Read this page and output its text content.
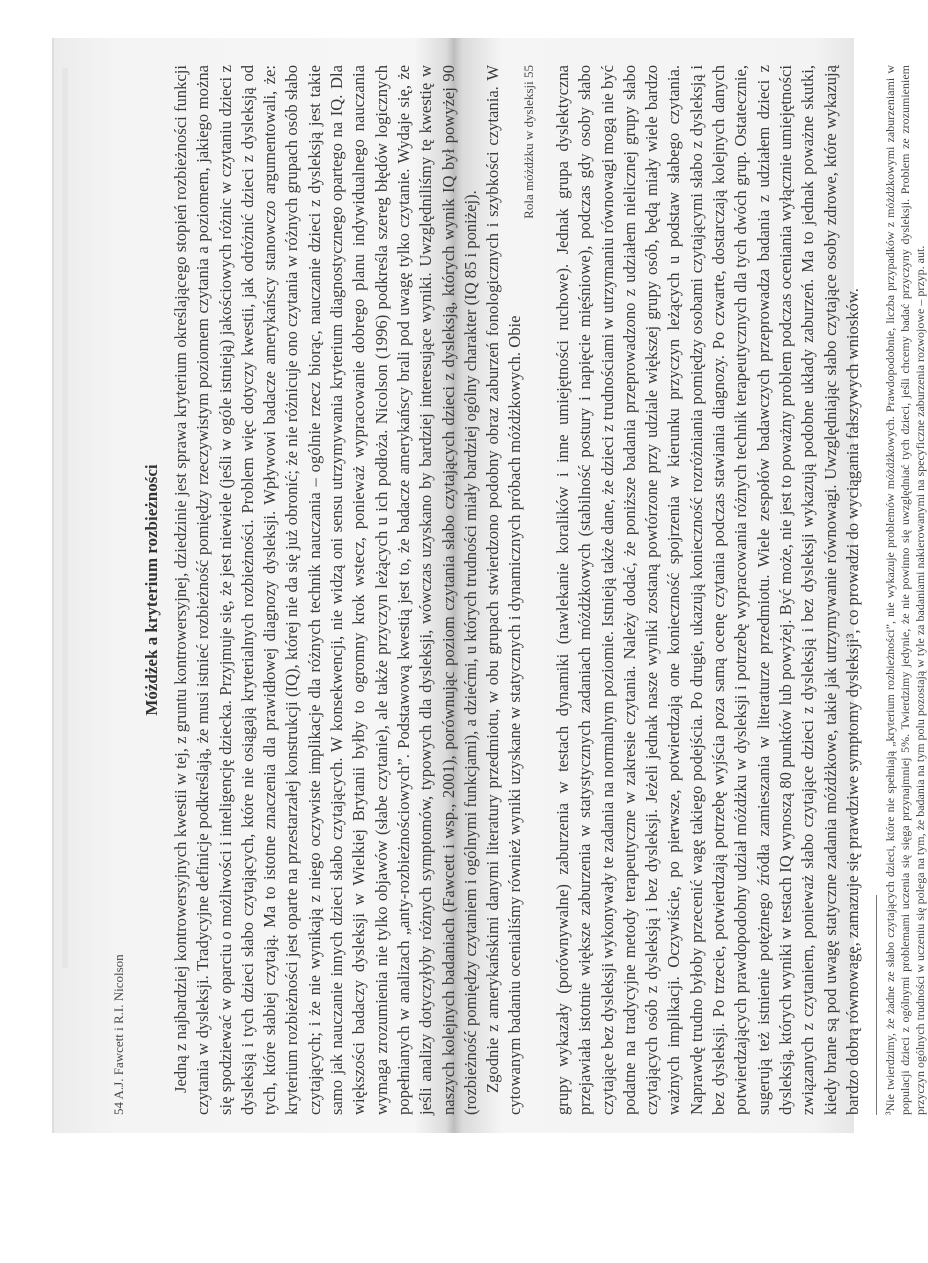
54 A.J. Fawcett i R.I. Nicolson

Móżdżek a kryterium rozbieżności Jedną z najbardziej kontrowersyjnych kwestii w tej, z gruntu kontrowersyjnej, dziedzinie jest sprawa kryterium określającego stopień rozbieżności funkcji czytania w dysleksji. Tradycyjne definicje podkreślają, że musi istnieć rozbieżność pomiędzy rzeczywistym poziomem czytania a poziomem, jakiego można się spodziewać w oparciu o możliwości i inteligencję dziecka. Przyjmuje się, że jest niewiele (jeśli w ogóle istnieją) jakościowych różnic w czytaniu dzieci z dysleksją i tych dzieci słabo czytających, które nie osiągają kryterialnych rozbieżności. Problem więc dotyczy kwestii, jak odróżnić dzieci z dysleksją od tych, które słabiej czytają. Ma to istotne znaczenia dla prawidłowej diagnozy dysleksji. Wpływowi badacze amerykańscy stanowczo argumentowali, że: kryterium rozbieżności jest oparte na przestarzałej konstrukcji (IQ), której nie da się już obronić; że nie różnicuje ono czytania w różnych grupach osób słabo czytających; i że nie wynikają z niego oczywiste implikacje dla różnych technik nauczania – ogólnie rzecz biorąc, nauczanie dzieci z dysleksją jest takie samo jak nauczanie innych dzieci słabo czytających. W konsekwencji, nie widzą oni sensu utrzymywania kryterium diagnostycznego opartego na IQ. Dla większości badaczy dysleksji w Wielkiej Brytanii byłby to ogromny krok wstecz, ponieważ wypracowanie dobrego planu indywidualnego nauczania wymaga zrozumienia nie tylko objawów (słabe czytanie), ale także przyczyn leżących u ich podłoża. Nicolson (1996) podkreśla szereg błędów logicznych popełnianych w analizach „anty-rozbieżnościowych”. Podstawową kwestią jest to, że badacze amerykańscy brali pod uwagę tylko czytanie. Wydaje się, że jeśli analizy dotyczyłyby różnych symptomów, typowych dla dysleksji, wówczas uzyskano by bardziej interesujące wyniki. Uwzględniliśmy tę kwestię w naszych kolejnych badaniach (Fawcett i wsp., 2001), porównując poziom czytania słabo czytających dzieci z dysleksją, których wynik IQ był powyżej 90 (rozbieżność pomiędzy czytaniem i ogólnymi funkcjami), a dziećmi, u których trudności miały bardziej ogólny charakter (IQ 85 i poniżej). Zgodnie z amerykańskimi danymi literatury przedmiotu, w obu grupach stwierdzono podobny obraz zaburzeń fonologicznych i szybkości czytania. W cytowanym badaniu ocenialiśmy również wyniki uzyskane w statycznych i dynamicznych próbach móżdżkowych. Obie

Rola móżdżku w dysleksji 55 grupy wykazały (porównywalne) zaburzenia w testach dynamiki (nawlekanie koralików i inne umiejętności ruchowe). Jednak grupa dyslektyczna przejawiała istotnie większe zaburzenia w statystycznych zadaniach móżdżkowych (stabilność postury i napięcie mięśniowe), podczas gdy osoby słabo czytające bez dysleksji wykonywały te zadania na normalnym poziomie. Istnieją także dane, że dzieci z trudnościami w utrzymaniu równowagi mogą nie być podatne na tradycyjne metody terapeutyczne w zakresie czytania. Należy dodać, że poniższe badania przeprowadzono z udziałem nielicznej grupy słabo czytających osób z dysleksją i bez dysleksji. Jeżeli jednak nasze wyniki zostaną powtórzone przy udziale większej grupy osób, będą miały wiele bardzo ważnych implikacji. Oczywiście, po pierwsze, potwierdzają one konieczność spojrzenia w kierunku przyczyn leżących u podstaw słabego czytania. Naprawdę trudno byłoby przecenić wagę takiego podejścia. Po drugie, ukazują konieczność rozróżniania pomiędzy osobami czytającymi słabo z dysleksją i bez dysleksji. Po trzecie, potwierdzają potrzebę wyjścia poza samą ocenę czytania podczas stawiania diagnozy. Po czwarte, dostarczają kolejnych danych potwierdzających prawdopodobny udział móżdżku w dysleksji i potrzebę wypracowania różnych technik terapeutycznych dla tych dwóch grup. Ostatecznie, sugerują też istnienie potężnego źródła zamieszania w literaturze przedmiotu. Wiele zespołów badawczych przeprowadza badania z udziałem dzieci z dysleksją, których wyniki w testach IQ wynoszą 80 punktów lub powyżej. Być może, nie jest to poważny problem podczas oceniania wyłącznie umiejętności związanych z czytaniem, ponieważ słabo czytające dzieci z dysleksją i bez dysleksji wykazują podobne układy zaburzeń. Ma to jednak poważne skutki, kiedy brane są pod uwagę statyczne zadania móżdżkowe, takie jak utrzymywanie równowagi. Uwzględniając słabo czytające osoby zdrowe, które wykazują bardzo dobrą równowagę, zamazuje się prawdziwe symptomy dysleksji³, co prowadzi do wyciągania fałszywych wniosków. ³Nie twierdzimy, że żadne ze słabo czytających dzieci, które nie spełniają „kryterium rozbieżności”, nie wykazuje problemów móżdżkowych. Prawdopodobnie, liczba przypadków z móżdżkowymi zaburzeniami w populacji dzieci z ogólnymi problemami uczenia się sięga przynajmniej 5%. Twierdzimy jedynie, że nie powinno się uwzględniać tych dzieci, jeśli chcemy badać przyczyny dysleksji. Problem ze zrozumieniem przyczyn ogólnych trudności w uczeniu się polega na tym, że badania na tym polu pozostają w tyle za badaniami nakierowanymi na specyficzne zaburzenia rozwojowe – przyp. aut.
